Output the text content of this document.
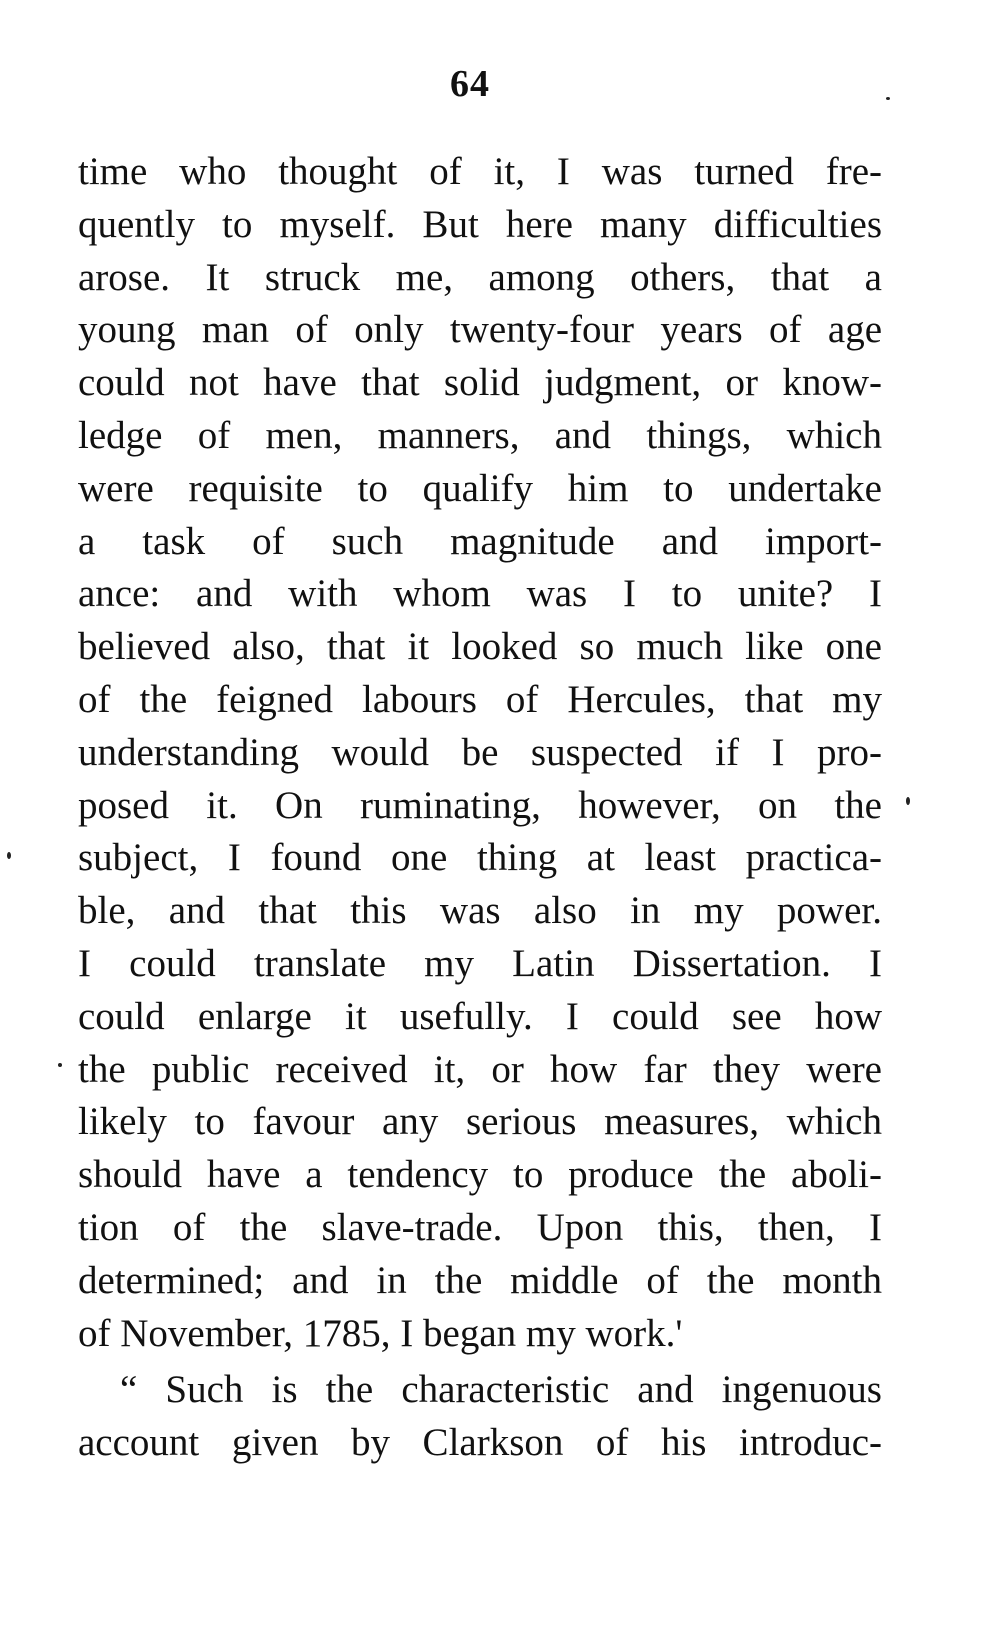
64
time who thought of it, I was turned fre-
quently to myself. But here many difficulties
arose. It struck me, among others, that a
young man of only twenty-four years of age
could not have that solid judgment, or know-
ledge of men, manners, and things, which
were requisite to qualify him to undertake
a task of such magnitude and import-
ance: and with whom was I to unite? I
believed also, that it looked so much like one
of the feigned labours of Hercules, that my
understanding would be suspected if I pro-
posed it. On ruminating, however, on the
subject, I found one thing at least practica-
ble, and that this was also in my power.
I could translate my Latin Dissertation. I
could enlarge it usefully. I could see how
the public received it, or how far they were
likely to favour any serious measures, which
should have a tendency to produce the aboli-
tion of the slave-trade. Upon this, then, I
determined; and in the middle of the month
of November, 1785, I began my work.'
“ Such is the characteristic and ingenuous
account given by Clarkson of his introduc-
